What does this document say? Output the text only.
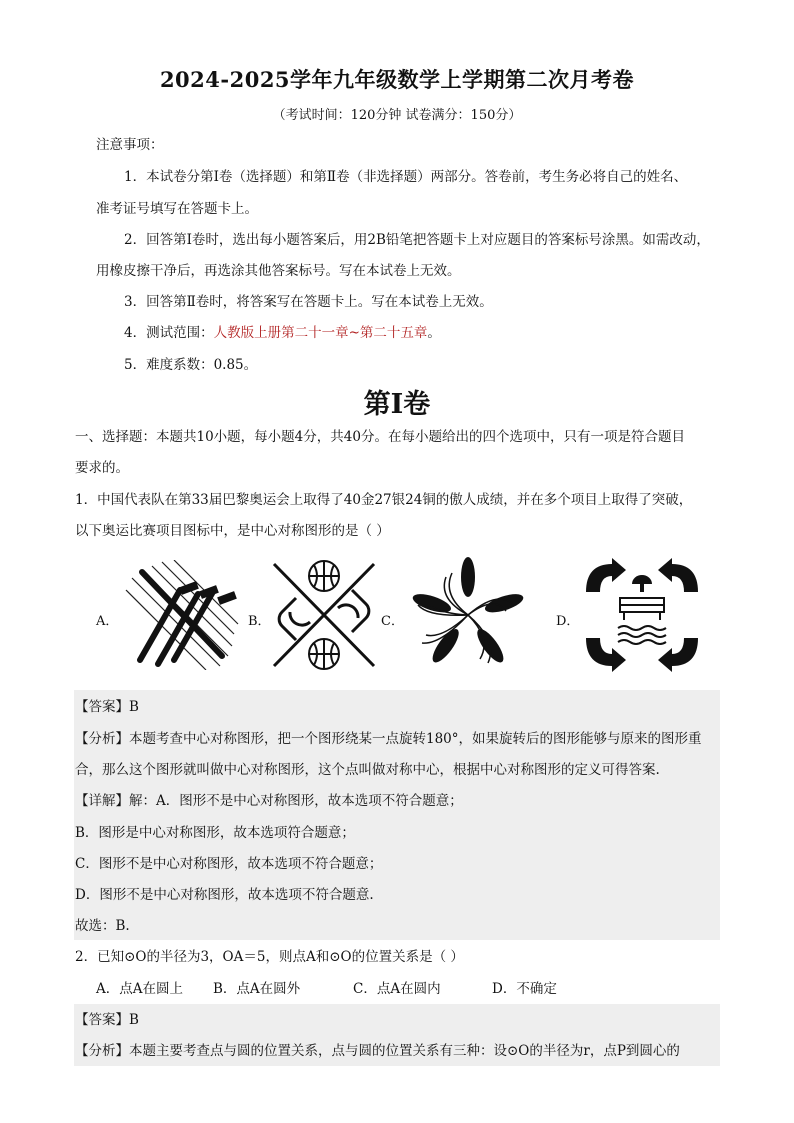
2024-2025学年九年级数学上学期第二次月考卷
（考试时间：120分钟 试卷满分：150分）
注意事项：
1．本试卷分第Ⅰ卷（选择题）和第Ⅱ卷（非选择题）两部分。答卷前，考生务必将自己的姓名、
准考证号填写在答题卡上。
2．回答第Ⅰ卷时，选出每小题答案后，用2B铅笔把答题卡上对应题目的答案标号涂黑。如需改动，
用橡皮擦干净后，再选涂其他答案标号。写在本试卷上无效。
3．回答第Ⅱ卷时，将答案写在答题卡上。写在本试卷上无效。
4．测试范围：人教版上册第二十一章~第二十五章。
5．难度系数：0.85。
第Ⅰ卷
一、选择题：本题共10小题，每小题4分，共40分。在每小题给出的四个选项中，只有一项是符合题目
要求的。
1．中国代表队在第33届巴黎奥运会上取得了40金27银24铜的傲人成绩，并在多个项目上取得了突破，
以下奥运比赛项目图标中，是中心对称图形的是（ ）
A．	B．	C．	D．
【答案】B
【分析】本题考查中心对称图形，把一个图形绕某一点旋转180°，如果旋转后的图形能够与原来的图形重
合，那么这个图形就叫做中心对称图形，这个点叫做对称中心，根据中心对称图形的定义可得答案.
【详解】解：A．图形不是中心对称图形，故本选项不符合题意；
B．图形是中心对称图形，故本选项符合题意；
C．图形不是中心对称图形，故本选项不符合题意；
D．图形不是中心对称图形，故本选项不符合题意.
故选：B.
2．已知⊙O的半径为3，OA＝5，则点A和⊙O的位置关系是（ ）
A．点A在圆上 B．点A在圆外	C．点A在圆内	D．不确定
【答案】B
【分析】本题主要考查点与圆的位置关系，点与圆的位置关系有三种：设⊙O的半径为r，点P到圆心的
